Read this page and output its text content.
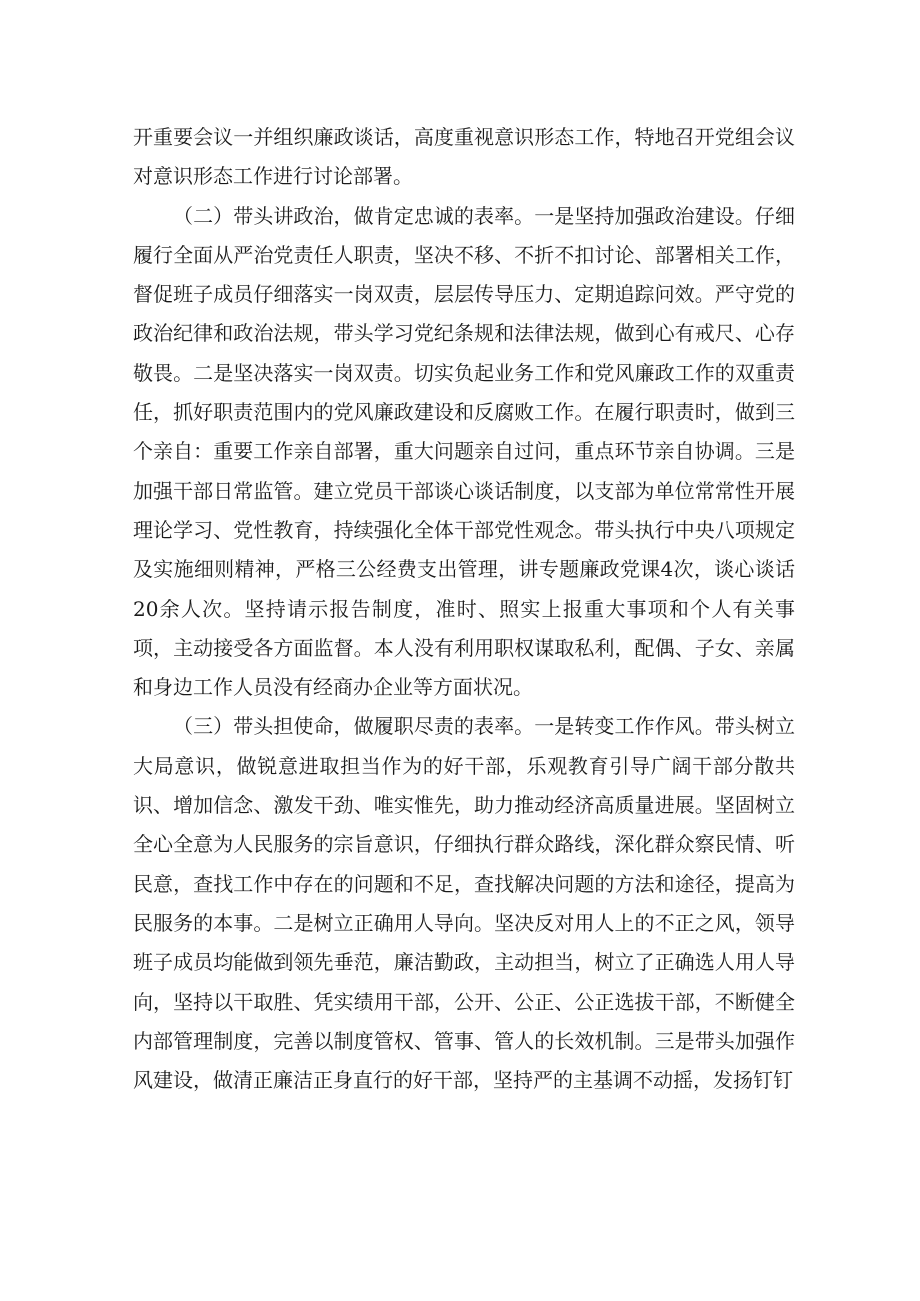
开重要会议一并组织廉政谈话，高度重视意识形态工作，特地召开党组会议对意识形态工作进行讨论部署。

（二）带头讲政治，做肯定忠诚的表率。一是坚持加强政治建设。仔细履行全面从严治党责任人职责，坚决不移、不折不扣讨论、部署相关工作，督促班子成员仔细落实一岗双责，层层传导压力、定期追踪问效。严守党的政治纪律和政治法规，带头学习党纪条规和法律法规，做到心有戒尺、心存敬畏。二是坚决落实一岗双责。切实负起业务工作和党风廉政工作的双重责任，抓好职责范围内的党风廉政建设和反腐败工作。在履行职责时，做到三个亲自：重要工作亲自部署，重大问题亲自过问，重点环节亲自协调。三是加强干部日常监管。建立党员干部谈心谈话制度，以支部为单位常常性开展理论学习、党性教育，持续强化全体干部党性观念。带头执行中央八项规定及实施细则精神，严格三公经费支出管理，讲专题廉政党课4次，谈心谈话20余人次。坚持请示报告制度，准时、照实上报重大事项和个人有关事项，主动接受各方面监督。本人没有利用职权谋取私利，配偶、子女、亲属和身边工作人员没有经商办企业等方面状况。

（三）带头担使命，做履职尽责的表率。一是转变工作作风。带头树立大局意识，做锐意进取担当作为的好干部，乐观教育引导广阔干部分散共识、增加信念、激发干劲、唯实惟先，助力推动经济高质量进展。坚固树立全心全意为人民服务的宗旨意识，仔细执行群众路线，深化群众察民情、听民意，查找工作中存在的问题和不足，查找解决问题的方法和途径，提高为民服务的本事。二是树立正确用人导向。坚决反对用人上的不正之风，领导班子成员均能做到领先垂范，廉洁勤政，主动担当，树立了正确选人用人导向，坚持以干取胜、凭实绩用干部，公开、公正、公正选拔干部，不断健全内部管理制度，完善以制度管权、管事、管人的长效机制。三是带头加强作风建设，做清正廉洁正身直行的好干部，坚持严的主基调不动摇，发扬钉钉
